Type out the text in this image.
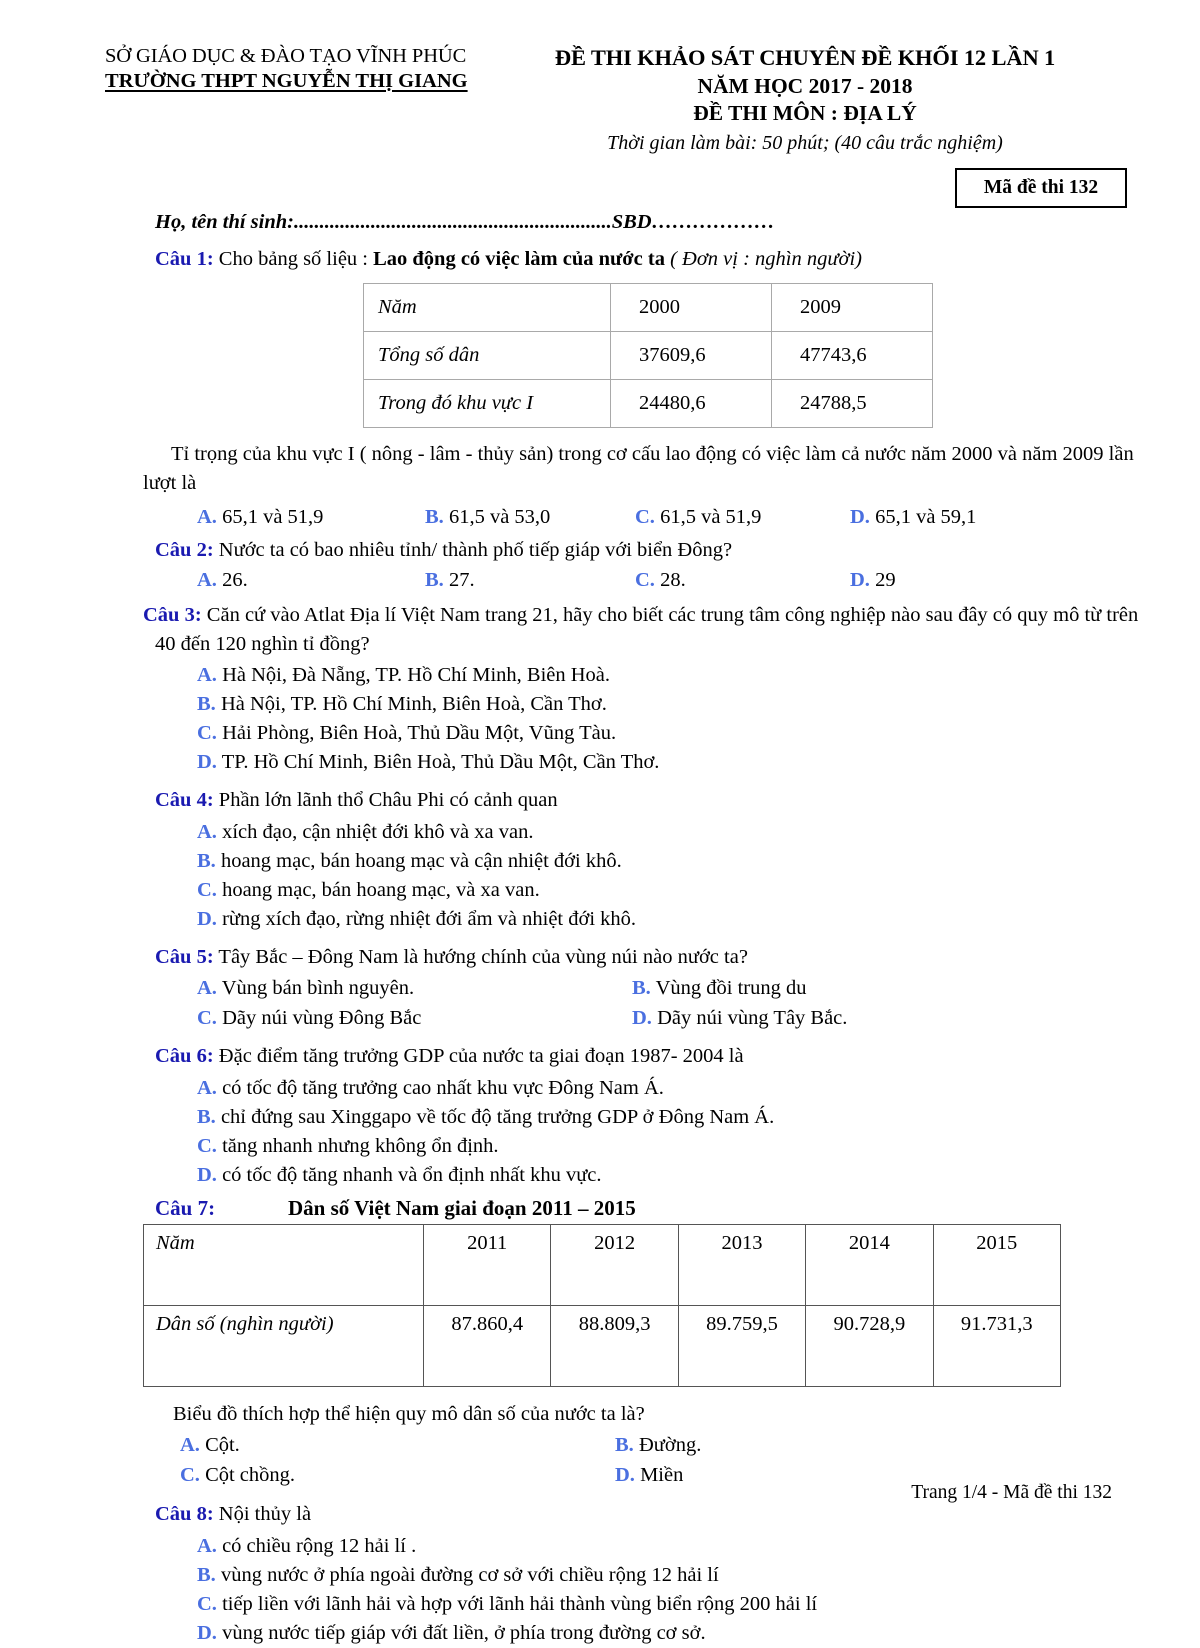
SỞ GIÁO DỤC & ĐÀO TẠO VĨNH PHÚC
TRƯỜNG THPT NGUYỄN THỊ GIANG
ĐỀ THI KHẢO SÁT CHUYÊN ĐỀ KHỐI 12 LẦN 1
NĂM HỌC 2017 - 2018
ĐỀ THI MÔN : ĐỊA LÝ
Thời gian làm bài: 50 phút; (40 câu trắc nghiệm)
Mã đề thi 132
Họ, tên thí sinh:..............................................................SBD………………
Câu 1: Cho bảng số liệu : Lao động có việc làm của nước ta ( Đơn vị : nghìn người)
Năm	2000	2009
Tổng số dân	37609,6	47743,6
Trong đó khu vực I	24480,6	24788,5
Tỉ trọng của khu vực I ( nông - lâm - thủy sản) trong cơ cấu lao động có việc làm cả nước năm 2000 và năm 2009 lần lượt là
A. 65,1 và 51,9	B. 61,5 và 53,0	C. 61,5 và 51,9	D. 65,1 và 59,1
Câu 2: Nước ta có bao nhiêu tỉnh/ thành phố tiếp giáp với biển Đông?
A. 26.	B. 27.	C. 28.	D. 29
Câu 3: Căn cứ vào Atlat Địa lí Việt Nam trang 21, hãy cho biết các trung tâm công nghiệp nào sau đây có quy mô từ trên 40 đến 120 nghìn tỉ đồng?
A. Hà Nội, Đà Nẵng, TP. Hồ Chí Minh, Biên Hoà.
B. Hà Nội, TP. Hồ Chí Minh, Biên Hoà, Cần Thơ.
C. Hải Phòng, Biên Hoà, Thủ Dầu Một, Vũng Tàu.
D. TP. Hồ Chí Minh, Biên Hoà, Thủ Dầu Một, Cần Thơ.
Câu 4: Phần lớn lãnh thổ Châu Phi có cảnh quan
A. xích đạo, cận nhiệt đới khô và xa van.
B. hoang mạc, bán hoang mạc và cận nhiệt đới khô.
C. hoang mạc, bán hoang mạc, và xa van.
D. rừng xích đạo, rừng nhiệt đới ẩm và nhiệt đới khô.
Câu 5: Tây Bắc – Đông Nam là hướng chính của vùng núi nào nước ta?
A. Vùng bán bình nguyên.	B. Vùng đồi trung du
C. Dãy núi vùng Đông Bắc	D. Dãy núi vùng Tây Bắc.
Câu 6: Đặc điểm tăng trưởng GDP của nước ta giai đoạn 1987- 2004 là
A. có tốc độ tăng trưởng cao nhất khu vực Đông Nam Á.
B. chỉ đứng sau Xinggapo về tốc độ tăng trưởng GDP ở Đông Nam Á.
C. tăng nhanh nhưng không ổn định.
D. có tốc độ tăng nhanh và ổn định nhất khu vực.
Câu 7:	Dân số Việt Nam giai đoạn 2011 – 2015
Năm	2011	2012	2013	2014	2015
Dân số (nghìn người)	87.860,4	88.809,3	89.759,5	90.728,9	91.731,3
Biểu đồ thích hợp thể hiện quy mô dân số của nước ta là?
A. Cột.	B. Đường.
C. Cột chồng.	D. Miền
Câu 8: Nội thủy là
A. có chiều rộng 12 hải lí .
B. vùng nước ở phía ngoài đường cơ sở với chiều rộng 12 hải lí
C. tiếp liền với lãnh hải và hợp với lãnh hải thành vùng biển rộng 200 hải lí
D. vùng nước tiếp giáp với đất liền, ở phía trong đường cơ sở.
Trang 1/4 - Mã đề thi 132
